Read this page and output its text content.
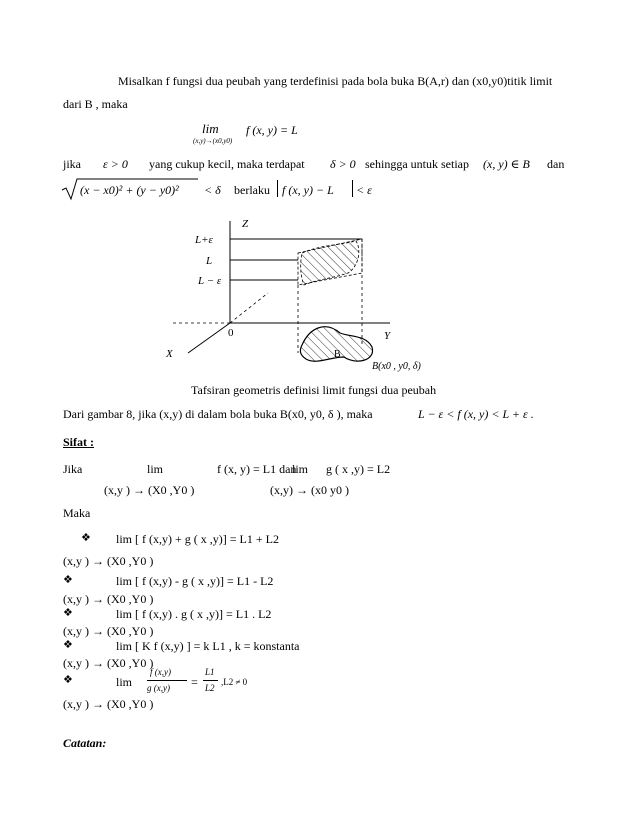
Misalkan f fungsi dua peubah yang terdefinisi pada bola buka B(A,r) dan (x0,y0)titik limit
dari B , maka
lim
(x,y)→(x0,y0)
f (x, y) = L
jika ε > 0 yang cukup kecil, maka terdapat δ > 0 sehingga untuk setiap (x, y) ∈ B dan
(x − x0)² + (y − y0)² < δ berlaku f (x, y) − L < ε
Z
Y
X
0
L+ε
L
L − ε
B
B(x0 , y0, δ)
Tafsiran geometris definisi limit fungsi dua peubah
Dari gambar 8, jika (x,y) di dalam bola buka B(x0, y0, δ ), maka	L − ε < f (x, y) < L + ε .
Sifat :
Jika	lim	f (x, y) = L1 dan
lim g ( x ,y) = L2
(x,y ) → (X0 ,Y0 )	(x,y) → (x0 y0 )
Maka
❖ lim [ f (x,y) + g ( x ,y)] = L1 + L2
(x,y ) → (X0 ,Y0 )
❖	lim [ f (x,y) - g ( x ,y)] = L1 - L2
(x,y ) → (X0 ,Y0 )
❖	lim [ f (x,y) . g ( x ,y)] = L1 . L2
(x,y ) → (X0 ,Y0 )
❖	lim [ K f (x,y) ] = k L1 , k = konstanta
(x,y ) → (X0 ,Y0 )
❖	lim
f (x,y)
g (x,y) =
L1
L2
,L2 ≠ 0
(x,y ) → (X0 ,Y0 )
Catatan:
